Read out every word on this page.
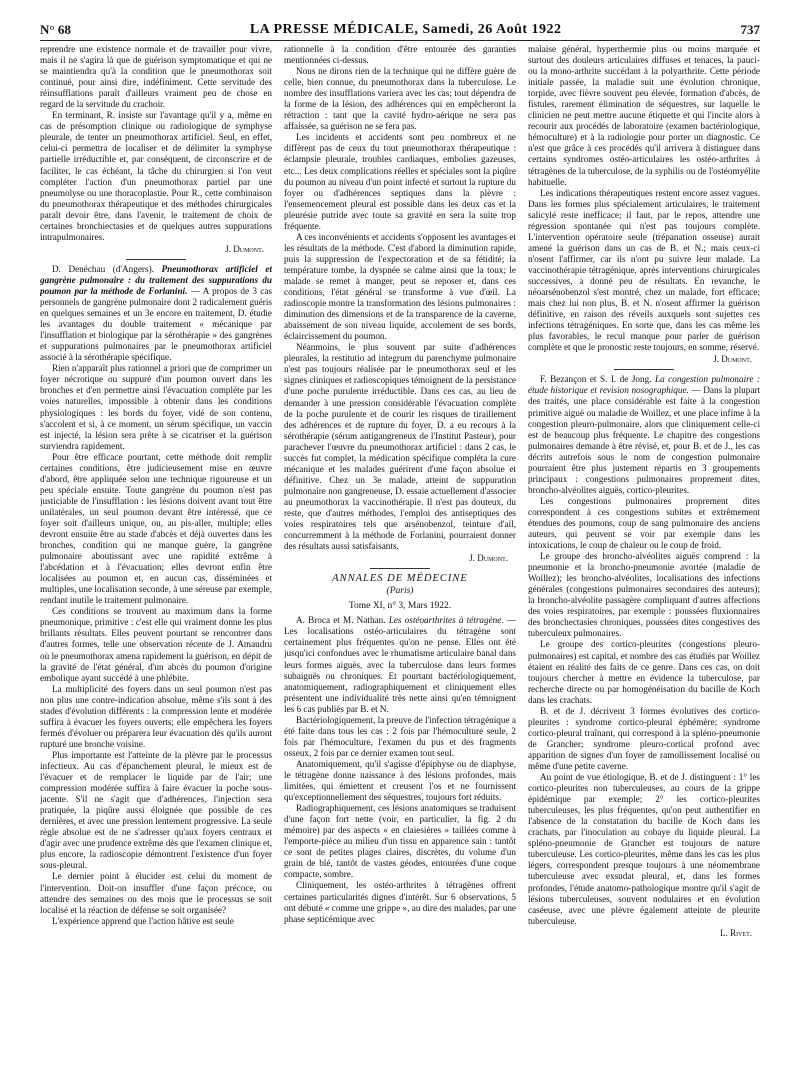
N° 68	LA PRESSE MÉDICALE, Samedi, 26 Août 1922	737

reprendre une existence normale et de travailler pour vivre, mais il ne s'agira là que de guérison symptomatique et qui ne se maintiendra qu'à la condition que le pneumothorax soit continué, pour ainsi dire, indéfiniment. Cette servitude des réinsufflations paraît d'ailleurs vraiment peu de chose en regard de la servitude du crachoir.

En terminant, R. insiste sur l'avantage qu'il y a, même en cas de présomption clinique ou radiologique de symphyse pleurale, de tenter un pneumothorax artificiel. Seul, en effet, celui-ci permettra de localiser et de délimiter la symphyse partielle irréductible et, par conséquent, de circonscrire et de faciliter, le cas échéant, la tâche du chirurgien si l'on veut compléter l'action d'un pneumothorax partiel par une pneumolyse ou une thoracoplastie. Pour R., cette combinaison du pneumothorax thérapeutique et des méthodes chirurgicales paraît devoir être, dans l'avenir, le traitement de choix de certaines bronchiectasies et de quelques autres suppurations intrapulmonaires.

J. Dumont.

D. Denéchau (d'Angers). Pneumothorax artificiel et gangrène pulmonaire : du traitement des suppurations du poumon par la méthode de Forlanini. — A propos de 3 cas personnels de gangrène pulmonaire dont 2 radicalement guéris en quelques semaines et un 3e encore en traitement, D. étudie les avantages du double traitement « mécanique par l'insufflation et biologique par la sérothérapie » des gangrènes et suppurations pulmonaires par le pneumothorax artificiel associé à la sérothérapie spécifique.

Rien n'apparaît plus rationnel a priori que de comprimer un foyer nécrotique ou suppuré d'un poumon ouvert dans les bronches et d'en permettre ainsi l'évacuation complète par les voies naturelles, impossible à obtenir dans les conditions physiologiques : les bords du foyer, vidé de son contenu, s'accolent et si, à ce moment, un sérum spécifique, un vaccin est injecté, la lésion sera prête à se cicatriser et la guérison surviendra rapidement.

Pour être efficace pourtant, cette méthode doit remplir certaines conditions, être judicieusement mise en œuvre d'abord, être appliquée selon une technique rigoureuse et un peu spéciale ensuite. Toute gangrène du poumon n'est pas justiciable de l'insufflation : les lésions doivent avant tout être unilatérales, un seul poumon devant être intéressé, que ce foyer soit d'ailleurs unique, ou, au pis-aller, multiple; elles devront ensuite être au stade d'abcès et déjà ouvertes dans les bronches, condition qui ne manque guère, la gangrène pulmonaire aboutissant avec une rapidité extrême à l'abcédation et à l'évacuation; elles devront enfin être localisées au poumon et, en aucun cas, disséminées et multiples, une localisation seconde, à une séreuse par exemple, rendant inutile le traitement pulmonaire.

Ces conditions se trouvent au maximum dans la forme pneumonique, primitive : c'est elle qui vraiment donne les plus brillants résultats. Elles peuvent pourtant se rencontrer dans d'autres formes, telle une observation récente de J. Amaudru où le pneumothorax amena rapidement la guérison, en dépit de la gravité de l'état général, d'un abcès du poumon d'origine embolique ayant succédé à une phlébite.

La multiplicité des foyers dans un seul poumon n'est pas non plus une contre-indication absolue, même s'ils sont à des stades d'évolution différents : la compression lente et modérée suffira à évacuer les foyers ouverts; elle empêchera les foyers fermés d'évoluer ou préparera leur évacuation dès qu'ils auront rupturé une bronche voisine.

Plus importante est l'atteinte de la plèvre par le processus infectieux. Au cas d'épanchement pleural, le mieux est de l'évacuer et de remplacer le liquide par de l'air; une compression modérée suffira à faire évacuer la poche sous-jacente. S'il ne s'agit que d'adhérences, l'injection sera pratiquée, la piqûre aussi éloignée que possible de ces dernières, et avec une pression lentement progressive. La seule règle absolue est de ne s'adresser qu'aux foyers centraux et d'agir avec une prudence extrême dès que l'examen clinique et, plus encore, la radioscopie démontrent l'existence d'un foyer sous-pleural.

Le dernier point à élucider est celui du moment de l'intervention. Doit-on insuffler d'une façon précoce, ou attendre des semaines ou des mois que le processus se soit localisé et la réaction de défense se soit organisée?

L'expérience apprend que l'action hâtive est seule

rationnelle à la condition d'être entourée des garanties mentionnées ci-dessus.

Nous ne dirons rien de la technique qui ne diffère guère de celle, bien connue, du pneumothorax dans la tuberculose. Le nombre des insufflations variera avec les cas; tout dépendra de la forme de la lésion, des adhérences qui en empêcheront la rétraction : tant que la cavité hydro-aérique ne sera pas affaissée, sa guérison ne se fera pas.

Les incidents et accidents sont peu nombreux et ne diffèrent pas de ceux du tout pneumothorax thérapeutique : éclampsie pleurale, troubles cardiaques, embolies gazeuses, etc... Les deux complications réelles et spéciales sont la piqûre du poumon au niveau d'un point infecté et surtout la rupture du foyer ou d'adhérences septiques dans la plèvre : l'ensemencement pleural est possible dans les deux cas et la pleurésie putride avec toute sa gravité en sera la suite trop fréquente.

A ces inconvénients et accidents s'opposent les avantages et les résultats de la méthode. C'est d'abord la diminution rapide, puis la suppression de l'expectoration et de sa fétidité; la température tombe, la dyspnée se calme ainsi que la toux; le malade se remet à manger, peut se reposer et, dans ces conditions, l'état général se transforme à vue d'œil. La radioscopie montre la transformation des lésions pulmonaires : diminution des dimensions et de la transparence de la caverne, abaissement de son niveau liquide, accolement de ses bords, éclaircissement du poumon.

Néanmoins, le plus souvent par suite d'adhérences pleurales, la restitutio ad integrum du parenchyme pulmonaire n'est pas toujours réalisée par le pneumothorax seul et les signes cliniques et radioscopiques témoignent de la persistance d'une poche purulente irréductible. Dans ces cas, au lieu de demander à une pression considérable l'évacuation complète de la poche purulente et de courir les risques de tiraillement des adhérences et de rupture du foyer, D. a eu recours à la sérothérapie (sérum antigangreneux de l'Institut Pasteur), pour parachever l'œuvre du pneumothorax artificiel : dans 2 cas, le succès fut complet, la médication spécifique compléta la cure mécanique et les malades guérirent d'une façon absolue et définitive. Chez un 3e malade, atteint de suppuration pulmonaire non gangreneuse, D. essaie actuellement d'associer au pneumothorax la vaccinothérapie. Il n'est pas douteux, du reste, que d'autres méthodes, l'emploi des antiseptiques des voies respiratoires tels que arsénobenzol, teinture d'ail, concurremment à la méthode de Forlanini, pourraient donner des résultats aussi satisfaisants.

J. Dumont.
ANNALES DE MÉDECINE
(Paris)
Tome XI, n° 3, Mars 1922.

A. Broca et M. Nathan. Les ostéoarthrites à tétragène. — Les localisations ostéo-articulaires du tétragène sont certainement plus fréquentes qu'on ne pense. Elles ont été jusqu'ici confondues avec le rhumatisme articulaire banal dans leurs formes aiguës, avec la tuberculose dans leurs formes subaiguës ou chroniques. Et pourtant bactériologiquement, anatomiquement, radiographiquement et cliniquement elles présentent une individualité très nette ainsi qu'en témoignent les 6 cas publiés par B. et N.

Bactériologiquement, la preuve de l'infection tétragénique a été faite dans tous les cas : 2 fois par l'hémoculture seule, 2 fois par l'hémoculture, l'examen du pus et des fragments osseux, 2 fois par ce dernier examen tout seul.

Anatomiquement, qu'il s'agisse d'épiphyse ou de diaphyse, le tétragène donne naissance à des lésions profondes, mais limitées, qui émiettent et creusent l'os et ne fournissent qu'exceptionnellement des séquestres, toujours fort réduits.

Radiographiquement, ces lésions anatomiques se traduisent d'une façon fort nette (voir, en particulier, la fig. 2 du mémoire) par des aspects « en claiesières » taillées comme à l'emporte-pièce au milieu d'un tissu en apparence sain : tantôt ce sont de petites plages claires, discrètes, du volume d'un grain de blé, tantôt de vastes géodes, entourées d'une coque compacte, sombre.

Cliniquement, les ostéo-arthrites à tétragènes offrent certaines particularités dignes d'intérêt. Sur 6 observations, 5 ont débuté « comme une grippe », au dire des malades, par une phase septicémique avec

malaise général, hyperthermie plus ou moins marquée et surtout des douleurs articulaires diffuses et tenaces, la pauci- ou la mono-arthrite succédant à la polyarthrite. Cette période initiale passée, la maladie suit une évolution chronique, torpide, avec fièvre souvent peu élevée, formation d'abcès, de fistules, rarement élimination de séquestres, sur laquelle le clinicien ne peut mettre aucune étiquette et qui l'incite alors à recourir aux procédés de laboratoire (examen bactériologique, hémoculture) et à la radiologie pour porter un diagnostic. Ce n'est que grâce à ces procédés qu'il arrivera à distinguer dans certains syndromes ostéo-articulaires les ostéo-arthrites à tétragènes de la tuberculose, de la syphilis ou de l'ostéomyélite habituelle.

Les indications thérapeutiques restent encore assez vagues. Dans les formes plus spécialement articulaires, le traitement salicylé reste inefficace; il faut, par le repos, attendre une régression spontanée qui n'est pas toujours complète. L'intervention opératoire seule (trépanation osseuse) aurait amené la guérison dans un cas de B. et N.; mais ceux-ci n'osent l'affirmer, car ils n'ont pu suivre leur malade. La vaccinothérapie tétragénique, après interventions chirurgicales successives, a donné peu de résultats. En revanche, le néoarsénobenzol s'est montré, chez un malade, fort efficace; mais chez lui non plus, B. et N. n'osent affirmer la guérison définitive, en raison des réveils auxquels sont sujettes ces infections tétragéniques. En sorte que, dans les cas même les plus favorables, le recul manque pour parler de guérison complète et que le pronostic reste toujours, en somme, réservé.

J. Dumont.

F. Bezançon et S. I. de Jong. La congestion pulmonaire : étude historique et revision nosographique. — Dans la plupart des traités, une place considérable est faite à la congestion primitive aiguë ou maladie de Woillez, et une place infime à la congestion pleuro-pulmonaire, alors que cliniquement celle-ci est de beaucoup plus fréquente. Le chapitre des congestions pulmonaires demande à être révisé, et, pour B. et de J., les cas décrits autrefois sous le nom de congestion pulmonaire pourraient être plus justement répartis en 3 groupements principaux : congestions pulmonaires proprement dites, broncho-alvéolites aiguës, cortico-pleurites.

Les congestions pulmonaires proprement dites correspondent à ces congestions subites et extrêmement étendues des poumons, coup de sang pulmonaire des anciens auteurs, qui peuvent se voir par exemple dans les intoxications, le coup de chaleur ou le coup de froid.

Le groupe des broncho-alvéolites aiguës comprend : la pneumonie et la broncho-pneumonie avortée (maladie de Woillez); les broncho-alvéolites, localisations des infections générales (congestions pulmonaires secondaires des auteurs); la broncho-alvéolite passagère compliquant d'autres affections des voies respiratoires, par exemple : poussées fluxionnaires des bronchectasies chroniques, poussées dites congestives des tuberculeux pulmonaires.

Le groupe des cortico-pleurites (congestions pleuro-pulmonaires) est capital, et nombre des cas étudiés par Woillez étaient en réalité des faits de ce genre. Dans ces cas, on doit toujours chercher à mettre en évidence la tuberculose, par recherche directe ou par homogénéisation du bacille de Koch dans les crachats.

B. et de J. décrivent 3 formes évolutives des cortico-pleurites : syndrome cortico-pleural éphémère; syndrome cortico-pleural traînant, qui correspond à la spléno-pneumonie de Grancher; syndrome pleuro-cortical profond avec apparition de signes d'un foyer de ramollissement localisé ou même d'une petite caverne.

Au point de vue étiologique, B. et de J. distinguent : 1° les cortico-pleurites non tuberculeuses, au cours de la grippe épidémique par exemple; 2° les cortico-pleurites tuberculeuses, les plus fréquentes, qu'on peut authentifier en l'absence de la constatation du bacille de Koch dans les crachats, par l'inoculation au cobaye du liquide pleural. La spléno-pneumonie de Grancher est toujours de nature tuberculeuse. Les cortico-pleurites, même dans les cas les plus légers, correspondent presque toujours à une néomembrane tuberculeuse avec exsudat pleural, et, dans les formes profondes, l'étude anatomo-pathologique montre qu'il s'agit de lésions tuberculeuses, souvent nodulaires et en évolution caséeuse, avec une plèvre également atteinte de pleurite tuberculeuse.

L. Rivet.
